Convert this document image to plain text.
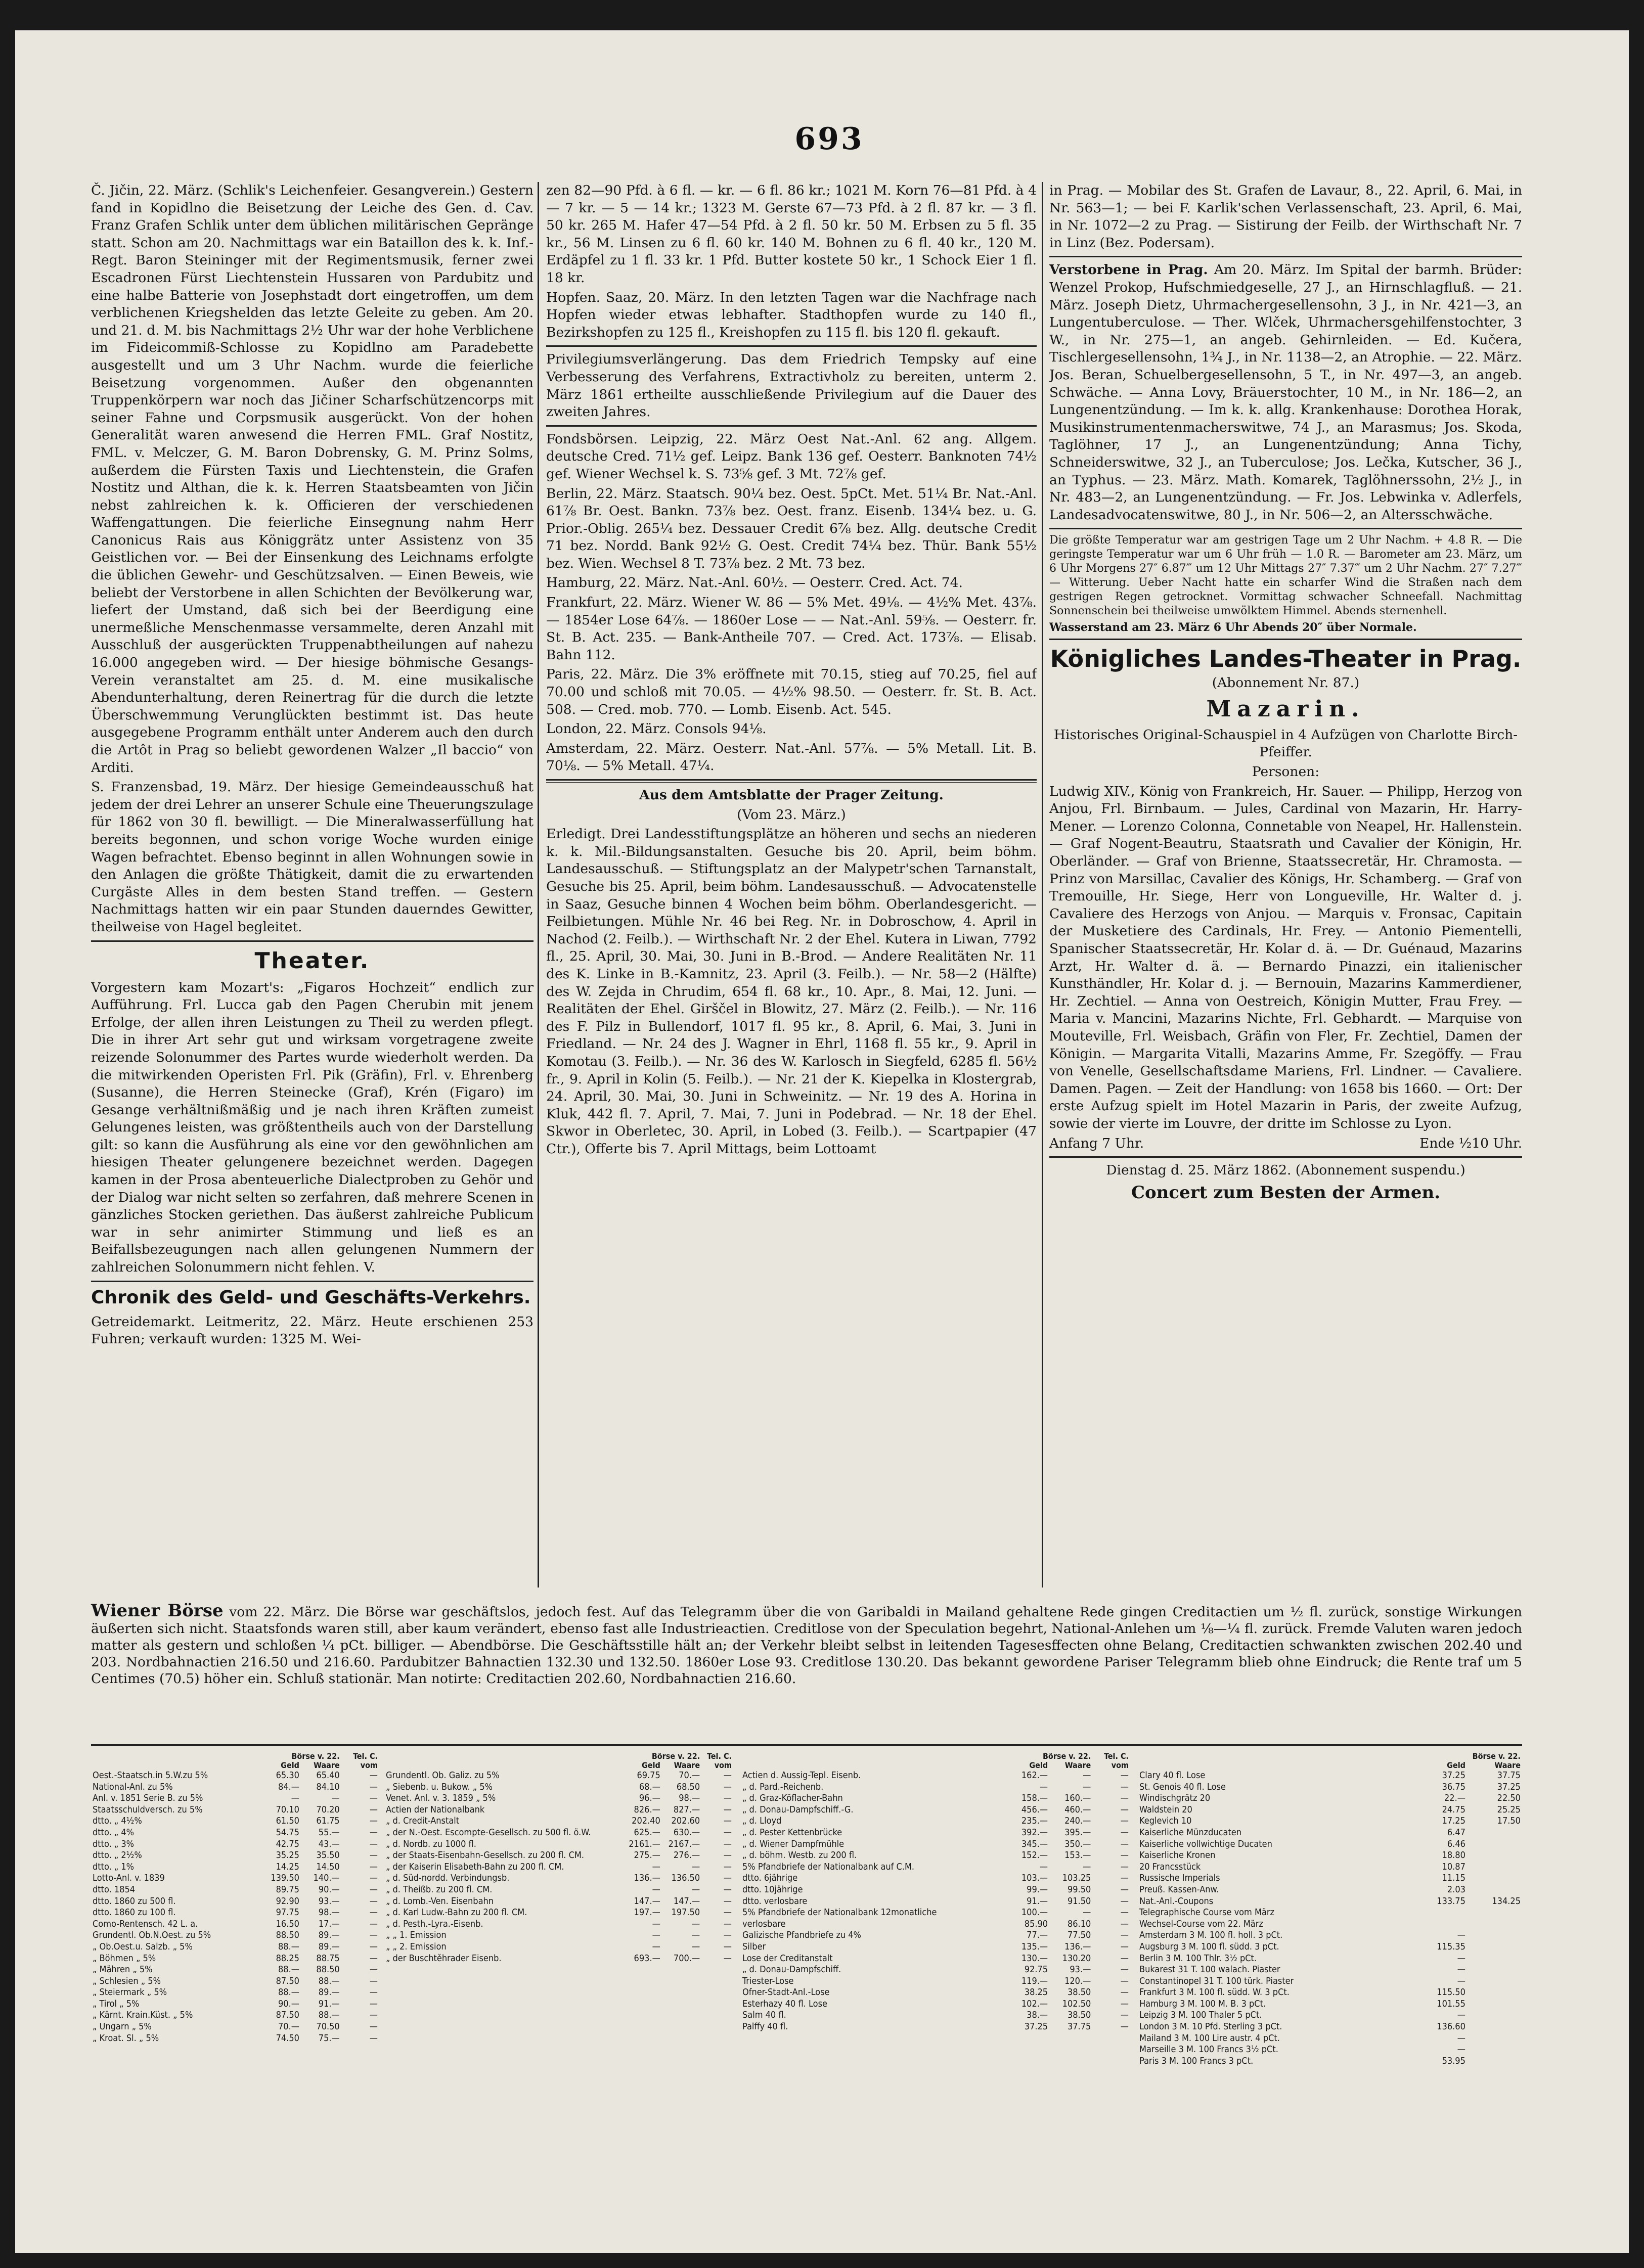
693

Č. Jičin, 22. März. (Schlik's Leichenfeier. Gesangverein.) Gestern fand in Kopidlno die Beisetzung der Leiche des Gen. d. Cav. Franz Grafen Schlik unter dem üblichen militärischen Gepränge statt. Schon am 20. Nachmittags war ein Bataillon des k. k. Inf.-Regt. Baron Steininger mit der Regimentsmusik, ferner zwei Escadronen Fürst Liechtenstein Hussaren von Pardubitz und eine halbe Batterie von Josephstadt dort eingetroffen, um dem verblichenen Kriegshelden das letzte Geleite zu geben. Am 20. und 21. d. M. bis Nachmittags 2½ Uhr war der hohe Verblichene im Fideicommiß-Schlosse zu Kopidlno am Paradebette ausgestellt und um 3 Uhr Nachm. wurde die feierliche Beisetzung vorgenommen. Außer den obgenannten Truppenkörpern war noch das Jičiner Scharfschützencorps mit seiner Fahne und Corpsmusik ausgerückt. Von der hohen Generalität waren anwesend die Herren FML. Graf Nostitz, FML. v. Melczer, G. M. Baron Dobrensky, G. M. Prinz Solms, außerdem die Fürsten Taxis und Liechtenstein, die Grafen Nostitz und Althan, die k. k. Herren Staatsbeamten von Jičin nebst zahlreichen k. k. Officieren der verschiedenen Waffengattungen. Die feierliche Einsegnung nahm Herr Canonicus Rais aus Königgrätz unter Assistenz von 35 Geistlichen vor. — Bei der Einsenkung des Leichnams erfolgte die üblichen Gewehr- und Geschützsalven. — Einen Beweis, wie beliebt der Verstorbene in allen Schichten der Bevölkerung war, liefert der Umstand, daß sich bei der Beerdigung eine unermeßliche Menschenmasse versammelte, deren Anzahl mit Ausschluß der ausgerückten Truppenabtheilungen auf nahezu 16.000 angegeben wird. — Der hiesige böhmische Gesangs-Verein veranstaltet am 25. d. M. eine musikalische Abendunterhaltung, deren Reinertrag für die durch die letzte Überschwemmung Verunglückten bestimmt ist. Das heute ausgegebene Programm enthält unter Anderem auch den durch die Artôt in Prag so beliebt gewordenen Walzer „Il baccio“ von Arditi.

S. Franzensbad, 19. März. Der hiesige Gemeindeausschuß hat jedem der drei Lehrer an unserer Schule eine Theuerungszulage für 1862 von 30 fl. bewilligt. — Die Mineralwasserfüllung hat bereits begonnen, und schon vorige Woche wurden einige Wagen befrachtet. Ebenso beginnt in allen Wohnungen sowie in den Anlagen die größte Thätigkeit, damit die zu erwartenden Curgäste Alles in dem besten Stand treffen. — Gestern Nachmittags hatten wir ein paar Stunden dauerndes Gewitter, theilweise von Hagel begleitet.

Theater.

Vorgestern kam Mozart's: „Figaros Hochzeit“ endlich zur Aufführung. Frl. Lucca gab den Pagen Cherubin mit jenem Erfolge, der allen ihren Leistungen zu Theil zu werden pflegt. Die in ihrer Art sehr gut und wirksam vorgetragene zweite reizende Solonummer des Partes wurde wiederholt werden. Da die mitwirkenden Operisten Frl. Pik (Gräfin), Frl. v. Ehrenberg (Susanne), die Herren Steinecke (Graf), Krén (Figaro) im Gesange verhältnißmäßig und je nach ihren Kräften zumeist Gelungenes leisten, was größtentheils auch von der Darstellung gilt: so kann die Ausführung als eine vor den gewöhnlichen am hiesigen Theater gelungenere bezeichnet werden. Dagegen kamen in der Prosa abenteuerliche Dialectproben zu Gehör und der Dialog war nicht selten so zerfahren, daß mehrere Scenen in gänzliches Stocken geriethen. Das äußerst zahlreiche Publicum war in sehr animirter Stimmung und ließ es an Beifallsbezeugungen nach allen gelungenen Nummern der zahlreichen Solonummern nicht fehlen. V.

Chronik des Geld- und Geschäfts-Verkehrs.

Getreidemarkt. Leitmeritz, 22. März. Heute erschienen 253 Fuhren; verkauft wurden: 1325 M. Wei-

zen 82—90 Pfd. à 6 fl. — kr. — 6 fl. 86 kr.; 1021 M. Korn 76—81 Pfd. à 4 — 7 kr. — 5 — 14 kr.; 1323 M. Gerste 67—73 Pfd. à 2 fl. 87 kr. — 3 fl. 50 kr. 265 M. Hafer 47—54 Pfd. à 2 fl. 50 kr. 50 M. Erbsen zu 5 fl. 35 kr., 56 M. Linsen zu 6 fl. 60 kr. 140 M. Bohnen zu 6 fl. 40 kr., 120 M. Erdäpfel zu 1 fl. 33 kr. 1 Pfd. Butter kostete 50 kr., 1 Schock Eier 1 fl. 18 kr.

Hopfen. Saaz, 20. März. In den letzten Tagen war die Nachfrage nach Hopfen wieder etwas lebhafter. Stadthopfen wurde zu 140 fl., Bezirkshopfen zu 125 fl., Kreishopfen zu 115 fl. bis 120 fl. gekauft.

Privilegiumsverlängerung. Das dem Friedrich Tempsky auf eine Verbesserung des Verfahrens, Extractivholz zu bereiten, unterm 2. März 1861 ertheilte ausschließende Privilegium auf die Dauer des zweiten Jahres.

Fondsbörsen. Leipzig, 22. März Oest Nat.-Anl. 62 ang. Allgem. deutsche Cred. 71½ gef. Leipz. Bank 136 gef. Oesterr. Banknoten 74½ gef. Wiener Wechsel k. S. 73⅝ gef. 3 Mt. 72⅞ gef.

Berlin, 22. März. Staatsch. 90¼ bez. Oest. 5pCt. Met. 51¼ Br. Nat.-Anl. 61⅞ Br. Oest. Bankn. 73⅞ bez. Oest. franz. Eisenb. 134¼ bez. u. G. Prior.-Oblig. 265¼ bez. Dessauer Credit 6⅞ bez. Allg. deutsche Credit 71 bez. Nordd. Bank 92½ G. Oest. Credit 74¼ bez. Thür. Bank 55½ bez. Wien. Wechsel 8 T. 73⅞ bez. 2 Mt. 73 bez.

Hamburg, 22. März. Nat.-Anl. 60½. — Oesterr. Cred. Act. 74.

Frankfurt, 22. März. Wiener W. 86 — 5% Met. 49⅛. — 4½% Met. 43⅞. — 1854er Lose 64⅞. — 1860er Lose — — Nat.-Anl. 59⅝. — Oesterr. fr. St. B. Act. 235. — Bank-Antheile 707. — Cred. Act. 173⅞. — Elisab. Bahn 112.

Paris, 22. März. Die 3% eröffnete mit 70.15, stieg auf 70.25, fiel auf 70.00 und schloß mit 70.05. — 4½% 98.50. — Oesterr. fr. St. B. Act. 508. — Cred. mob. 770. — Lomb. Eisenb. Act. 545.

London, 22. März. Consols 94⅛.

Amsterdam, 22. März. Oesterr. Nat.-Anl. 57⅞. — 5% Metall. Lit. B. 70⅛. — 5% Metall. 47¼.

Aus dem Amtsblatte der Prager Zeitung.

(Vom 23. März.)

Erledigt. Drei Landesstiftungsplätze an höheren und sechs an niederen k. k. Mil.-Bildungsanstalten. Gesuche bis 20. April, beim böhm. Landesausschuß. — Stiftungsplatz an der Malypetr'schen Tarnanstalt, Gesuche bis 25. April, beim böhm. Landesausschuß. — Advocatenstelle in Saaz, Gesuche binnen 4 Wochen beim böhm. Oberlandesgericht. — Feilbietungen. Mühle Nr. 46 bei Reg. Nr. in Dobroschow, 4. April in Nachod (2. Feilb.). — Wirthschaft Nr. 2 der Ehel. Kutera in Liwan, 7792 fl., 25. April, 30. Mai, 30. Juni in B.-Brod. — Andere Realitäten Nr. 11 des K. Linke in B.-Kamnitz, 23. April (3. Feilb.). — Nr. 58—2 (Hälfte) des W. Zejda in Chrudim, 654 fl. 68 kr., 10. Apr., 8. Mai, 12. Juni. — Realitäten der Ehel. Girščel in Blowitz, 27. März (2. Feilb.). — Nr. 116 des F. Pilz in Bullendorf, 1017 fl. 95 kr., 8. April, 6. Mai, 3. Juni in Friedland. — Nr. 24 des J. Wagner in Ehrl, 1168 fl. 55 kr., 9. April in Komotau (3. Feilb.). — Nr. 36 des W. Karlosch in Siegfeld, 6285 fl. 56½ fr., 9. April in Kolin (5. Feilb.). — Nr. 21 der K. Kiepelka in Klostergrab, 24. April, 30. Mai, 30. Juni in Schweinitz. — Nr. 19 des A. Horina in Kluk, 442 fl. 7. April, 7. Mai, 7. Juni in Podebrad. — Nr. 18 der Ehel. Skwor in Oberletec, 30. April, in Lobed (3. Feilb.). — Scartpapier (47 Ctr.), Offerte bis 7. April Mittags, beim Lottoamt

in Prag. — Mobilar des St. Grafen de Lavaur, 8., 22. April, 6. Mai, in Nr. 563—1; — bei F. Karlik'schen Verlassenschaft, 23. April, 6. Mai, in Nr. 1072—2 zu Prag. — Sistirung der Feilb. der Wirthschaft Nr. 7 in Linz (Bez. Podersam).

Verstorbene in Prag. Am 20. März. Im Spital der barmh. Brüder: Wenzel Prokop, Hufschmiedgeselle, 27 J., an Hirnschlagfluß. — 21. März. Joseph Dietz, Uhrmachergesellensohn, 3 J., in Nr. 421—3, an Lungentuberculose. — Ther. Wlček, Uhrmachersgehilfenstochter, 3 W., in Nr. 275—1, an angeb. Gehirnleiden. — Ed. Kučera, Tischlergesellensohn, 1¾ J., in Nr. 1138—2, an Atrophie. — 22. März. Jos. Beran, Schuelbergesellensohn, 5 T., in Nr. 497—3, an angeb. Schwäche. — Anna Lovy, Bräuerstochter, 10 M., in Nr. 186—2, an Lungenentzündung. — Im k. k. allg. Krankenhause: Dorothea Horak, Musikinstrumentenmacherswitwe, 74 J., an Marasmus; Jos. Skoda, Taglöhner, 17 J., an Lungenentzündung; Anna Tichy, Schneiderswitwe, 32 J., an Tuberculose; Jos. Lečka, Kutscher, 36 J., an Typhus. — 23. März. Math. Komarek, Taglöhnerssohn, 2½ J., in Nr. 483—2, an Lungenentzündung. — Fr. Jos. Lebwinka v. Adlerfels, Landesadvocatenswitwe, 80 J., in Nr. 506—2, an Altersschwäche.

Die größte Temperatur war am gestrigen Tage um 2 Uhr Nachm. + 4.8 R. — Die geringste Temperatur war um 6 Uhr früh — 1.0 R. — Barometer am 23. März, um 6 Uhr Morgens 27″ 6.87‴ um 12 Uhr Mittags 27″ 7.37‴ um 2 Uhr Nachm. 27″ 7.27‴ — Witterung. Ueber Nacht hatte ein scharfer Wind die Straßen nach dem gestrigen Regen getrocknet. Vormittag schwacher Schneefall. Nachmittag Sonnenschein bei theilweise umwölktem Himmel. Abends sternenhell.

Wasserstand am 23. März 6 Uhr Abends 20″ über Normale.

Königliches Landes-Theater in Prag.

(Abonnement Nr. 87.)

Mazarin.

Historisches Original-Schauspiel in 4 Aufzügen von Charlotte Birch-Pfeiffer.

Personen:

Ludwig XIV., König von Frankreich, Hr. Sauer. — Philipp, Herzog von Anjou, Frl. Birnbaum. — Jules, Cardinal von Mazarin, Hr. Harry-Mener. — Lorenzo Colonna, Connetable von Neapel, Hr. Hallenstein. — Graf Nogent-Beautru, Staatsrath und Cavalier der Königin, Hr. Oberländer. — Graf von Brienne, Staatssecretär, Hr. Chramosta. — Prinz von Marsillac, Cavalier des Königs, Hr. Schamberg. — Graf von Tremouille, Hr. Siege, Herr von Longueville, Hr. Walter d. j. Cavaliere des Herzogs von Anjou. — Marquis v. Fronsac, Capitain der Musketiere des Cardinals, Hr. Frey. — Antonio Piementelli, Spanischer Staatssecretär, Hr. Kolar d. ä. — Dr. Guénaud, Mazarins Arzt, Hr. Walter d. ä. — Bernardo Pinazzi, ein italienischer Kunsthändler, Hr. Kolar d. j. — Bernouin, Mazarins Kammerdiener, Hr. Zechtiel. — Anna von Oestreich, Königin Mutter, Frau Frey. — Maria v. Mancini, Mazarins Nichte, Frl. Gebhardt. — Marquise von Mouteville, Frl. Weisbach, Gräfin von Fler, Fr. Zechtiel, Damen der Königin. — Margarita Vitalli, Mazarins Amme, Fr. Szegöffy. — Frau von Venelle, Gesellschaftsdame Mariens, Frl. Lindner. — Cavaliere. Damen. Pagen. — Zeit der Handlung: von 1658 bis 1660. — Ort: Der erste Aufzug spielt im Hotel Mazarin in Paris, der zweite Aufzug, sowie der vierte im Louvre, der dritte im Schlosse zu Lyon.

Anfang 7 Uhr.	Ende ½10 Uhr.

Dienstag d. 25. März 1862. (Abonnement suspendu.)

Concert zum Besten der Armen.

Wiener Börse vom 22. März. Die Börse war geschäftslos, jedoch fest. Auf das Telegramm über die von Garibaldi in Mailand gehaltene Rede gingen Creditactien um ½ fl. zurück, sonstige Wirkungen äußerten sich nicht. Staatsfonds waren still, aber kaum verändert, ebenso fast alle Industrieactien. Creditlose von der Speculation begehrt, National-Anlehen um ⅛—¼ fl. zurück. Fremde Valuten waren jedoch matter als gestern und schloßen ¼ pCt. billiger. — Abendbörse. Die Geschäftsstille hält an; der Verkehr bleibt selbst in leitenden Tagesesffecten ohne Belang, Creditactien schwankten zwischen 202.40 und 203. Nordbahnactien 216.50 und 216.60. Pardubitzer Bahnactien 132.30 und 132.50. 1860er Lose 93. Creditlose 130.20. Das bekannt gewordene Pariser Telegramm blieb ohne Eindruck; die Rente traf um 5 Centimes (70.5) höher ein. Schluß stationär. Man notirte: Creditactien 202.60, Nordbahnactien 216.60.
	Börse v. 22.		Tel. C.
	Geld	Waare	vom
Oest.-Staatsch.in 5.W.zu 5%	65.30	65.40	—
National-Anl. zu 5%	84.—	84.10	—
Anl. v. 1851 Serie B. zu 5%	—	—	—
Staatsschuldversch. zu 5%	70.10	70.20	—
dtto. „ 4½%	61.50	61.75	—
dtto. „ 4%	54.75	55.—	—
dtto. „ 3%	42.75	43.—	—
dtto. „ 2½%	35.25	35.50	—
dtto. „ 1%	14.25	14.50	—
Lotto-Anl. v. 1839	139.50	140.—	—
dtto. 1854	89.75	90.—	—
dtto. 1860 zu 500 fl.	92.90	93.—	—
dtto. 1860 zu 100 fl.	97.75	98.—	—
Como-Rentensch. 42 L. a.	16.50	17.—	—

Grundentl. Ob.N.Oest. zu 5%	88.50	89.—	—
„ Ob.Oest.u. Salzb. „ 5%	88.—	89.—	—
„ Böhmen „ 5%	88.25	88.75	—
„ Mähren „ 5%	88.—	88.50	—
„ Schlesien „ 5%	87.50	88.—	—
„ Steiermark „ 5%	88.—	89.—	—
„ Tirol „ 5%	90.—	91.—	—
„ Kärnt. Krain.Küst. „ 5%	87.50	88.—	—
„ Ungarn „ 5%	70.—	70.50	—
„ Kroat. Sl. „ 5%	74.50	75.—	—
	Börse v. 22.		Tel. C.
	Geld	Waare	vom
Grundentl. Ob. Galiz. zu 5%	69.75	70.—	—
„ Siebenb. u. Bukow. „ 5%	68.—	68.50	—
Venet. Anl. v. 3. 1859 „ 5%	96.—	98.—	—

Actien der Nationalbank	826.—	827.—	—
„ d. Credit-Anstalt	202.40	202.60	—
„ der N.-Oest. Escompte-Gesellsch. zu 500 fl. ö.W.	625.—	630.—	—
„ d. Nordb. zu 1000 fl.	2161.—	2167.—	—
„ der Staats-Eisenbahn-Gesellsch. zu 200 fl. CM.	275.—	276.—	—
„ der Kaiserin Elisabeth-Bahn zu 200 fl. CM.	—	—	—
„ d. Süd-nordd. Verbindungsb.	136.—	136.50	—
„ d. Theißb. zu 200 fl. CM.	—	—	—
„ d. Lomb.-Ven. Eisenbahn	147.—	147.—	—
„ d. Karl Ludw.-Bahn zu 200 fl. CM.	197.—	197.50	—
„ d. Pesth.-Lyra.-Eisenb.	—	—	—
„ „ 1. Emission	—	—	—
„ „ 2. Emission	—	—	—
„ der Buschtěhrader Eisenb.	693.—	700.—	—
	Börse v. 22.		Tel. C.
	Geld	Waare	vom
Actien d. Aussig-Tepl. Eisenb.	162.—	—	—
„ d. Pard.-Reichenb.	—	—	—
„ d. Graz-Köflacher-Bahn	158.—	160.—	—
„ d. Donau-Dampfschiff.-G.	456.—	460.—	—
„ d. Lloyd	235.—	240.—	—
„ d. Pester Kettenbrücke	392.—	395.—	—
„ d. Wiener Dampfmühle	345.—	350.—	—
„ d. böhm. Westb. zu 200 fl.	152.—	153.—	—
5% Pfandbriefe der Nationalbank auf C.M.	—	—	—
dtto. 6jährige	103.—	103.25	—
dtto. 10jährige	99.—	99.50	—
dtto. verlosbare	91.—	91.50	—
5% Pfandbriefe der Nationalbank 12monatliche	100.—	—	—
verlosbare	85.90	86.10	—
Galizische Pfandbriefe zu 4%	77.—	77.50	—
Silber	135.—	136.—	—

Lose der Creditanstalt	130.—	130.20	—
„ d. Donau-Dampfschiff.	92.75	93.—	—
Triester-Lose	119.—	120.—	—
Ofner-Stadt-Anl.-Lose	38.25	38.50	—
Esterhazy 40 fl. Lose	102.—	102.50	—
Salm 40 fl.	38.—	38.50	—
Palffy 40 fl.	37.25	37.75	—
	Börse v. 22.	
	Geld	Waare
Clary 40 fl. Lose	37.25	37.75
St. Genois 40 fl. Lose	36.75	37.25
Windischgrätz 20	22.—	22.50
Waldstein 20	24.75	25.25
Keglevich 10	17.25	17.50
Kaiserliche Münzducaten	6.47	
Kaiserliche vollwichtige Ducaten	6.46	
Kaiserliche Kronen	18.80	
20 Francsstück	10.87	
Russische Imperials	11.15	
Preuß. Kassen-Anw.	2.03	
Nat.-Anl.-Coupons	133.75	134.25
Telegraphische Course vom März		
Wechsel-Course vom 22. März		
Amsterdam 3 M. 100 fl. holl. 3 pCt.	—	
Augsburg 3 M. 100 fl. südd. 3 pCt.	115.35	
Berlin 3 M. 100 Thlr. 3½ pCt.	—	
Bukarest 31 T. 100 walach. Piaster	—	
Constantinopel 31 T. 100 türk. Piaster	—	
Frankfurt 3 M. 100 fl. südd. W. 3 pCt.	115.50	
Hamburg 3 M. 100 M. B. 3 pCt.	101.55	
Leipzig 3 M. 100 Thaler 5 pCt.	—	
London 3 M. 10 Pfd. Sterling 3 pCt.	136.60	
Mailand 3 M. 100 Lire austr. 4 pCt.	—	
Marseille 3 M. 100 Francs 3½ pCt.	—	
Paris 3 M. 100 Francs 3 pCt.	53.95	
